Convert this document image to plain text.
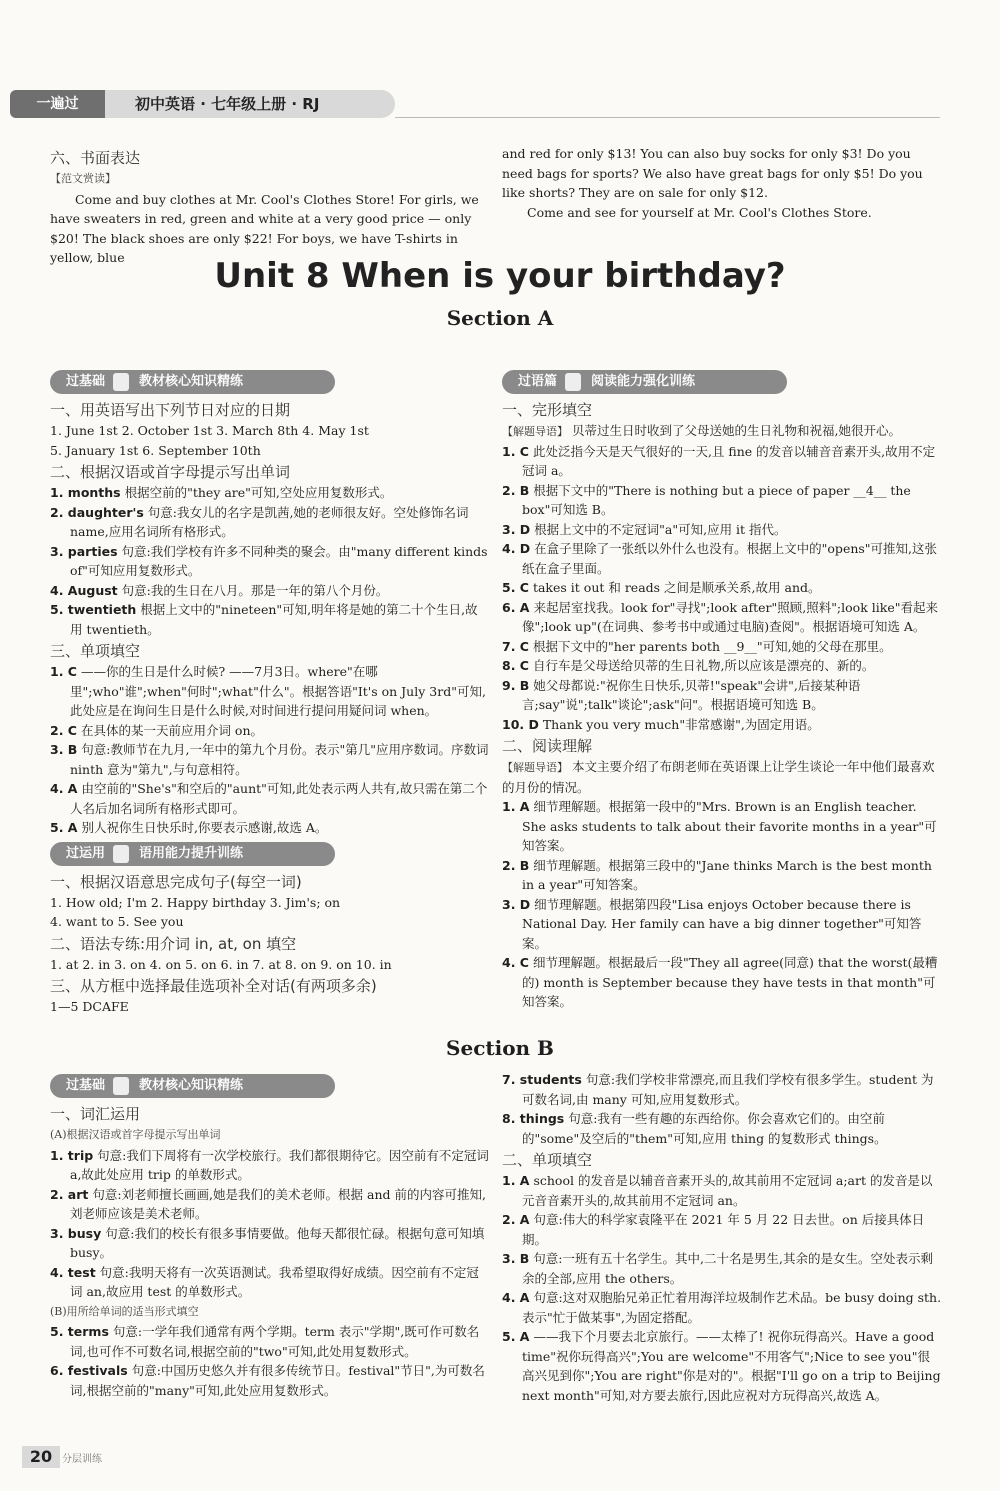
一遍过	初中英语 · 七年级上册 · RJ
六、书面表达
【范文赏读】

Come and buy clothes at Mr. Cool's Clothes Store! For girls, we have sweaters in red, green and white at a very good price — only $20! The black shoes are only $22! For boys, we have T-shirts in yellow, blue

and red for only $13! You can also buy socks for only $3! Do you need bags for sports? We also have great bags for only $5! Do you like shorts? They are on sale for only $12.

Come and see for yourself at Mr. Cool's Clothes Store.

Unit 8 When is your birthday?
Section A
过基础	教材核心知识精练
一、用英语写出下列节日对应的日期
1. June 1st 2. October 1st 3. March 8th 4. May 1st
5. January 1st 6. September 10th
二、根据汉语或首字母提示写出单词

1. months 根据空前的"they are"可知,空处应用复数形式。

2. daughter's 句意:我女儿的名字是凯茜,她的老师很友好。空处修饰名词 name,应用名词所有格形式。

3. parties 句意:我们学校有许多不同种类的聚会。由"many different kinds of"可知应用复数形式。

4. August 句意:我的生日在八月。那是一年的第八个月份。

5. twentieth 根据上文中的"nineteen"可知,明年将是她的第二十个生日,故用 twentieth。

三、单项填空

1. C ——你的生日是什么时候? ——7月3日。where"在哪里";who"谁";when"何时";what"什么"。根据答语"It's on July 3rd"可知,此处应是在询问生日是什么时候,对时间进行提问用疑问词 when。

2. C 在具体的某一天前应用介词 on。

3. B 句意:教师节在九月,一年中的第九个月份。表示"第几"应用序数词。序数词 ninth 意为"第九",与句意相符。

4. A 由空前的"She's"和空后的"aunt"可知,此处表示两人共有,故只需在第二个人名后加名词所有格形式即可。

5. A 别人祝你生日快乐时,你要表示感谢,故选 A。

过运用	语用能力提升训练
一、根据汉语意思完成句子(每空一词)
1. How old; I'm 2. Happy birthday 3. Jim's; on
4. want to 5. See you
二、语法专练:用介词 in, at, on 填空
1. at 2. in 3. on 4. on 5. on 6. in 7. at 8. on 9. on 10. in
三、从方框中选择最佳选项补全对话(有两项多余)
1—5 DCAFE
过语篇	阅读能力强化训练
一、完形填空

【解题导语】 贝蒂过生日时收到了父母送她的生日礼物和祝福,她很开心。

1. C 此处泛指今天是天气很好的一天,且 fine 的发音以辅音音素开头,故用不定冠词 a。

2. B 根据下文中的"There is nothing but a piece of paper __4__ the box"可知选 B。

3. D 根据上文中的不定冠词"a"可知,应用 it 指代。

4. D 在盒子里除了一张纸以外什么也没有。根据上文中的"opens"可推知,这张纸在盒子里面。

5. C takes it out 和 reads 之间是顺承关系,故用 and。

6. A 来起居室找我。look for"寻找";look after"照顾,照料";look like"看起来像";look up"(在词典、参考书中或通过电脑)查阅"。根据语境可知选 A。

7. C 根据下文中的"her parents both __9__"可知,她的父母在那里。

8. C 自行车是父母送给贝蒂的生日礼物,所以应该是漂亮的、新的。

9. B 她父母都说:"祝你生日快乐,贝蒂!"speak"会讲",后接某种语言;say"说";talk"谈论";ask"问"。根据语境可知选 B。

10. D Thank you very much"非常感谢",为固定用语。

二、阅读理解

【解题导语】 本文主要介绍了布朗老师在英语课上让学生谈论一年中他们最喜欢的月份的情况。

1. A 细节理解题。根据第一段中的"Mrs. Brown is an English teacher. She asks students to talk about their favorite months in a year"可知答案。

2. B 细节理解题。根据第三段中的"Jane thinks March is the best month in a year"可知答案。

3. D 细节理解题。根据第四段"Lisa enjoys October because there is National Day. Her family can have a big dinner together"可知答案。

4. C 细节理解题。根据最后一段"They all agree(同意) that the worst(最糟的) month is September because they have tests in that month"可知答案。

Section B
过基础	教材核心知识精练
一、词汇运用
(A)根据汉语或首字母提示写出单词

1. trip 句意:我们下周将有一次学校旅行。我们都很期待它。因空前有不定冠词 a,故此处应用 trip 的单数形式。

2. art 句意:刘老师擅长画画,她是我们的美术老师。根据 and 前的内容可推知,刘老师应该是美术老师。

3. busy 句意:我们的校长有很多事情要做。他每天都很忙碌。根据句意可知填 busy。

4. test 句意:我明天将有一次英语测试。我希望取得好成绩。因空前有不定冠词 an,故应用 test 的单数形式。

(B)用所给单词的适当形式填空

5. terms 句意:一学年我们通常有两个学期。term 表示"学期",既可作可数名词,也可作不可数名词,根据空前的"two"可知,此处用复数形式。

6. festivals 句意:中国历史悠久并有很多传统节日。festival"节日",为可数名词,根据空前的"many"可知,此处应用复数形式。

7. students 句意:我们学校非常漂亮,而且我们学校有很多学生。student 为可数名词,由 many 可知,应用复数形式。

8. things 句意:我有一些有趣的东西给你。你会喜欢它们的。由空前的"some"及空后的"them"可知,应用 thing 的复数形式 things。

二、单项填空

1. A school 的发音是以辅音音素开头的,故其前用不定冠词 a;art 的发音是以元音音素开头的,故其前用不定冠词 an。

2. A 句意:伟大的科学家袁隆平在 2021 年 5 月 22 日去世。on 后接具体日期。

3. B 句意:一班有五十名学生。其中,二十名是男生,其余的是女生。空处表示剩余的全部,应用 the others。

4. A 句意:这对双胞胎兄弟正忙着用海洋垃圾制作艺术品。be busy doing sth. 表示"忙于做某事",为固定搭配。

5. A ——我下个月要去北京旅行。——太棒了! 祝你玩得高兴。Have a good time"祝你玩得高兴";You are welcome"不用客气";Nice to see you"很高兴见到你";You are right"你是对的"。根据"I'll go on a trip to Beijing next month"可知,对方要去旅行,因此应祝对方玩得高兴,故选 A。

20 分层训练
